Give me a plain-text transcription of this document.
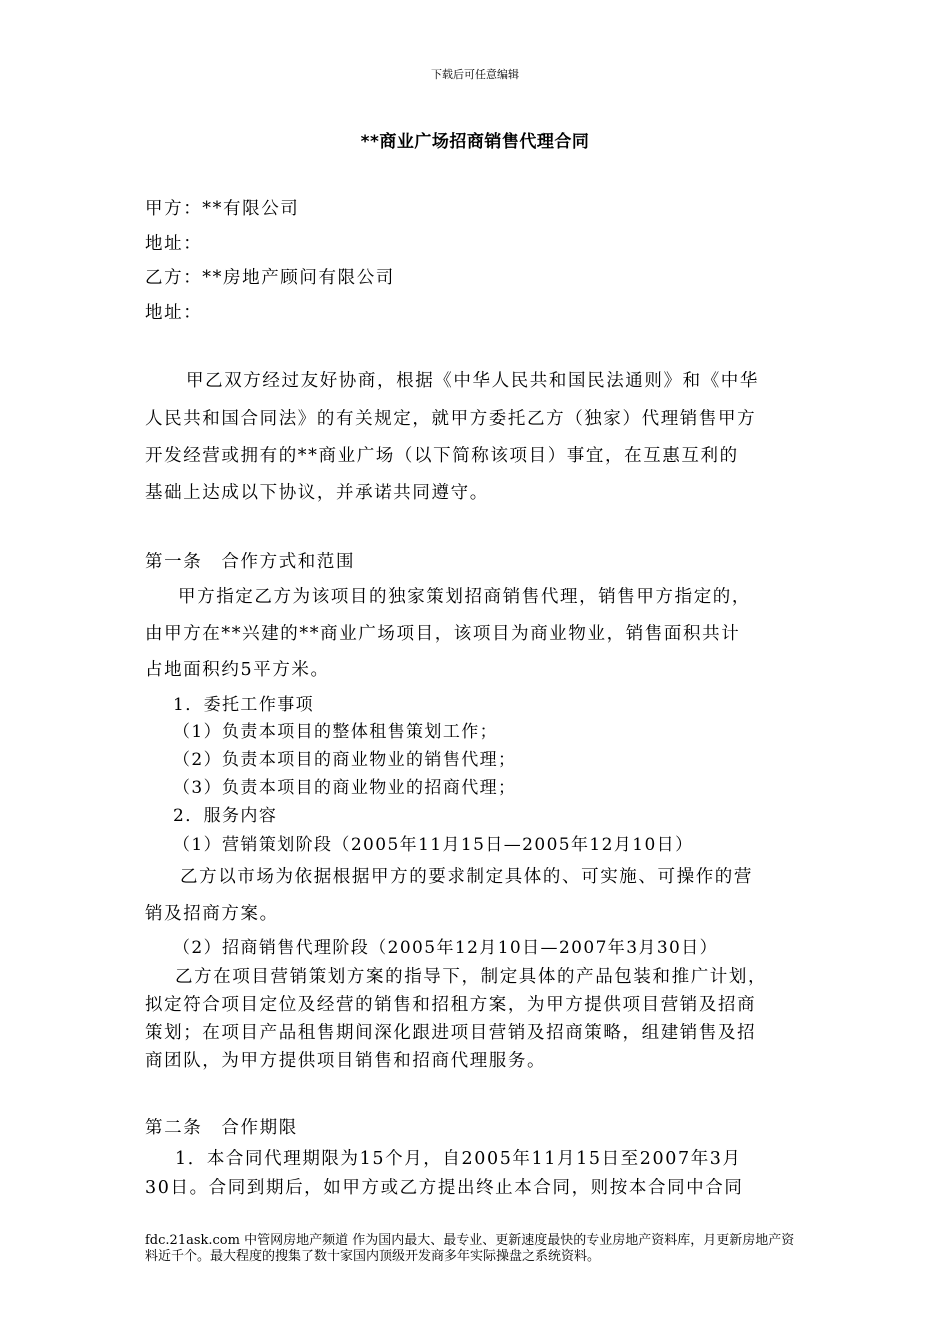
下载后可任意编辑
**商业广场招商销售代理合同
甲方：**有限公司
地址：
乙方：**房地产顾问有限公司
地址：
甲乙双方经过友好协商，根据《中华人民共和国民法通则》和《中华
人民共和国合同法》的有关规定，就甲方委托乙方（独家）代理销售甲方
开发经营或拥有的**商业广场（以下简称该项目）事宜，在互惠互利的
基础上达成以下协议，并承诺共同遵守。
第一条　合作方式和范围
甲方指定乙方为该项目的独家策划招商销售代理，销售甲方指定的，
由甲方在**兴建的**商业广场项目，该项目为商业物业，销售面积共计
占地面积约5平方米。
1．委托工作事项
（1）负责本项目的整体租售策划工作；
（2）负责本项目的商业物业的销售代理；
（3）负责本项目的商业物业的招商代理；
2．服务内容
（1）营销策划阶段（2005年11月15日—2005年12月10日）
乙方以市场为依据根据甲方的要求制定具体的、可实施、可操作的营
销及招商方案。
（2）招商销售代理阶段（2005年12月10日—2007年3月30日）
乙方在项目营销策划方案的指导下，制定具体的产品包装和推广计划，
拟定符合项目定位及经营的销售和招租方案，为甲方提供项目营销及招商
策划；在项目产品租售期间深化跟进项目营销及招商策略，组建销售及招
商团队，为甲方提供项目销售和招商代理服务。
第二条　合作期限
1．本合同代理期限为15个月，自2005年11月15日至2007年3月
30日。合同到期后，如甲方或乙方提出终止本合同，则按本合同中合同
fdc.21ask.com 中管网房地产频道 作为国内最大、最专业、更新速度最快的专业房地产资料库，月更新房地产资料近千个。最大程度的搜集了数十家国内顶级开发商多年实际操盘之系统资料。
